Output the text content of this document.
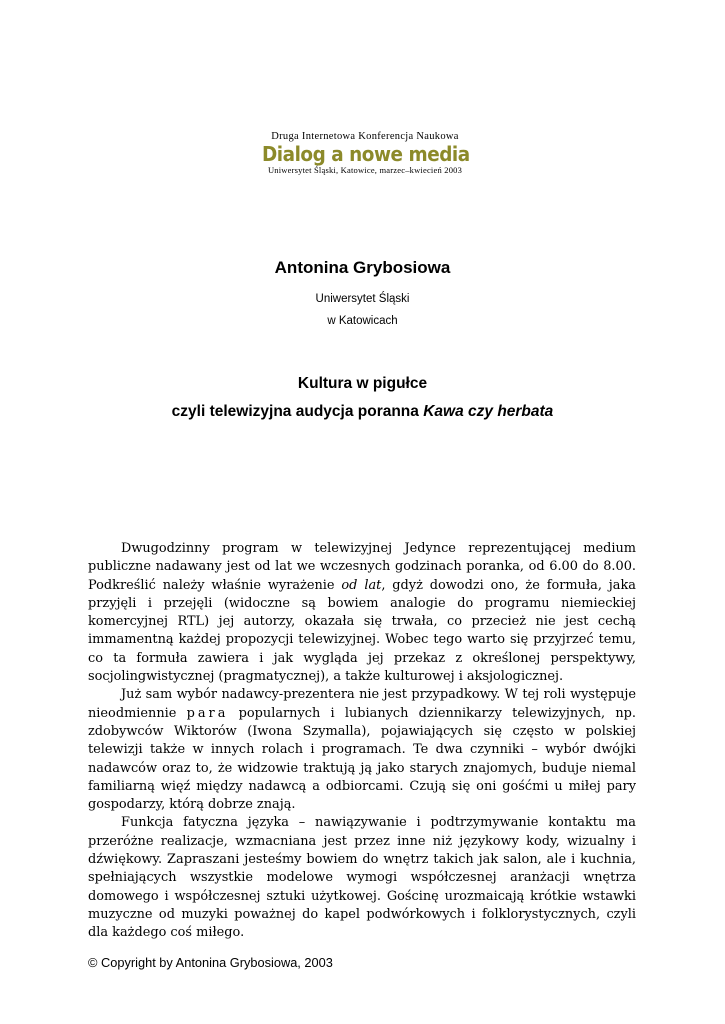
Druga Internetowa Konferencja Naukowa
Dialog a nowe media
Uniwersytet Śląski, Katowice, marzec–kwiecień 2003
Antonina Grybosiowa
Uniwersytet Śląski
w Katowicach
Kultura w pigułce
czyli telewizyjna audycja poranna Kawa czy herbata

Dwugodzinny program w telewizyjnej Jedynce reprezentującej medium publiczne nadawany jest od lat we wczesnych godzinach poranka, od 6.00 do 8.00. Podkreślić należy właśnie wyrażenie od lat, gdyż dowodzi ono, że formuła, jaka przyjęli i przejęli (widoczne są bowiem analogie do programu niemieckiej komercyjnej RTL) jej autorzy, okazała się trwała, co przecież nie jest cechą immamentną każdej propozycji telewizyjnej. Wobec tego warto się przyjrzeć temu, co ta formuła zawiera i jak wygląda jej przekaz z określonej perspektywy, socjolingwistycznej (pragmatycznej), a także kulturowej i aksjologicznej.

Już sam wybór nadawcy-prezentera nie jest przypadkowy. W tej roli występuje nieodmiennie para popularnych i lubianych dziennikarzy telewizyjnych, np. zdobywców Wiktorów (Iwona Szymalla), pojawiających się często w polskiej telewizji także w innych rolach i programach. Te dwa czynniki – wybór dwójki nadawców oraz to, że widzowie traktują ją jako starych znajomych, buduje niemal familiarną więź między nadawcą a odbiorcami. Czują się oni gośćmi u miłej pary gospodarzy, którą dobrze znają.

Funkcja fatyczna języka – nawiązywanie i podtrzymywanie kontaktu ma przeróżne realizacje, wzmacniana jest przez inne niż językowy kody, wizualny i dźwiękowy. Zapraszani jesteśmy bowiem do wnętrz takich jak salon, ale i kuchnia, spełniających wszystkie modelowe wymogi współczesnej aranżacji wnętrza domowego i współczesnej sztuki użytkowej. Gościnę urozmaicają krótkie wstawki muzyczne od muzyki poważnej do kapel podwórkowych i folklorystycznych, czyli dla każdego coś miłego.

© Copyright by Antonina Grybosiowa, 2003
